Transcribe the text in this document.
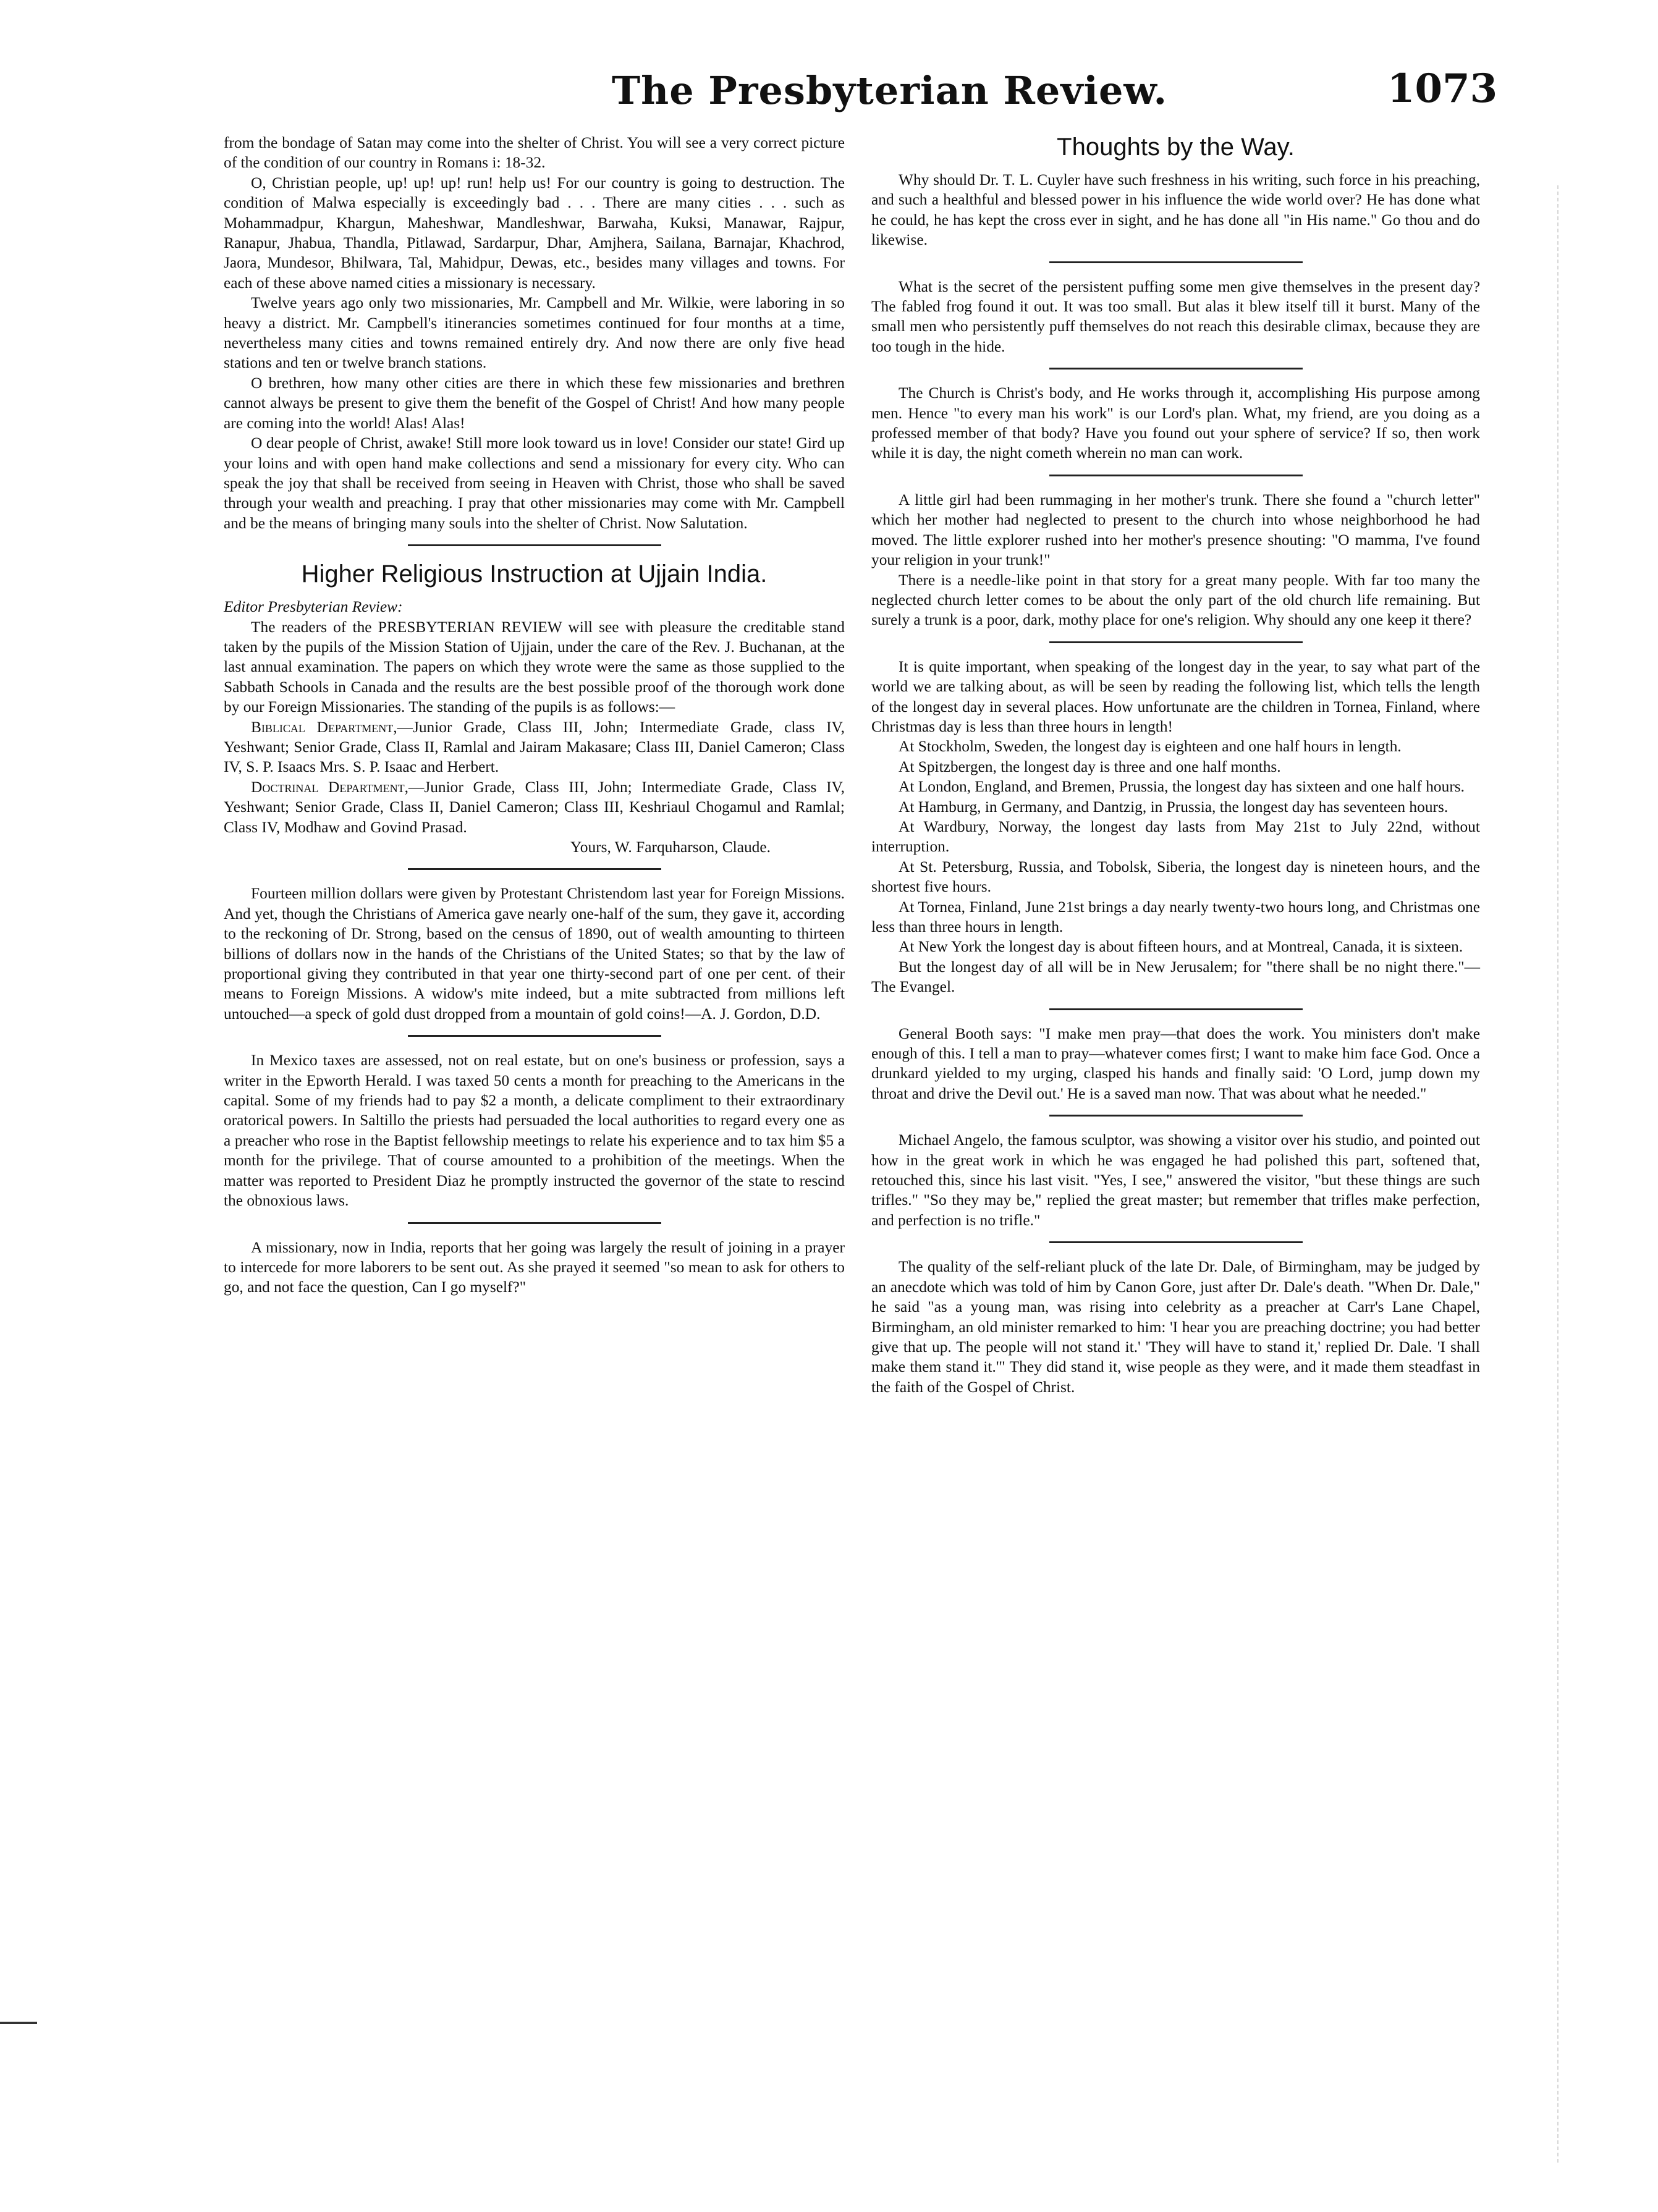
The Presbyterian Review.	1073

from the bondage of Satan may come into the shelter of Christ. You will see a very correct picture of the condition of our country in Romans i: 18-32.

O, Christian people, up! up! up! run! help us! For our country is going to destruction. The condition of Malwa especially is exceedingly bad . . . There are many cities . . . such as Mohammadpur, Khargun, Maheshwar, Mandleshwar, Barwaha, Kuksi, Manawar, Rajpur, Ranapur, Jhabua, Thandla, Pitlawad, Sardarpur, Dhar, Amjhera, Sailana, Barnajar, Khachrod, Jaora, Mundesor, Bhilwara, Tal, Mahidpur, Dewas, etc., besides many villages and towns. For each of these above named cities a missionary is necessary.

Twelve years ago only two missionaries, Mr. Campbell and Mr. Wilkie, were laboring in so heavy a district. Mr. Campbell's itinerancies sometimes continued for four months at a time, nevertheless many cities and towns remained entirely dry. And now there are only five head stations and ten or twelve branch stations.

O brethren, how many other cities are there in which these few missionaries and brethren cannot always be present to give them the benefit of the Gospel of Christ! And how many people are coming into the world! Alas! Alas!

O dear people of Christ, awake! Still more look toward us in love! Consider our state! Gird up your loins and with open hand make collections and send a missionary for every city. Who can speak the joy that shall be received from seeing in Heaven with Christ, those who shall be saved through your wealth and preaching. I pray that other missionaries may come with Mr. Campbell and be the means of bringing many souls into the shelter of Christ. Now Salutation.

Higher Religious Instruction at Ujjain India.

Editor Presbyterian Review:

The readers of the PRESBYTERIAN REVIEW will see with pleasure the creditable stand taken by the pupils of the Mission Station of Ujjain, under the care of the Rev. J. Buchanan, at the last annual examination. The papers on which they wrote were the same as those supplied to the Sabbath Schools in Canada and the results are the best possible proof of the thorough work done by our Foreign Missionaries. The standing of the pupils is as follows:—

Biblical Department,—Junior Grade, Class III, John; Intermediate Grade, class IV, Yeshwant; Senior Grade, Class II, Ramlal and Jairam Makasare; Class III, Daniel Cameron; Class IV, S. P. Isaacs Mrs. S. P. Isaac and Herbert.

Doctrinal Department,—Junior Grade, Class III, John; Intermediate Grade, Class IV, Yeshwant; Senior Grade, Class II, Daniel Cameron; Class III, Keshriaul Chogamul and Ramlal; Class IV, Modhaw and Govind Prasad.

Yours, W. Farquharson, Claude.

Fourteen million dollars were given by Protestant Christendom last year for Foreign Missions. And yet, though the Christians of America gave nearly one-half of the sum, they gave it, according to the reckoning of Dr. Strong, based on the census of 1890, out of wealth amounting to thirteen billions of dollars now in the hands of the Christians of the United States; so that by the law of proportional giving they contributed in that year one thirty-second part of one per cent. of their means to Foreign Missions. A widow's mite indeed, but a mite subtracted from millions left untouched—a speck of gold dust dropped from a mountain of gold coins!—A. J. Gordon, D.D.

In Mexico taxes are assessed, not on real estate, but on one's business or profession, says a writer in the Epworth Herald. I was taxed 50 cents a month for preaching to the Americans in the capital. Some of my friends had to pay $2 a month, a delicate compliment to their extraordinary oratorical powers. In Saltillo the priests had persuaded the local authorities to regard every one as a preacher who rose in the Baptist fellowship meetings to relate his experience and to tax him $5 a month for the privilege. That of course amounted to a prohibition of the meetings. When the matter was reported to President Diaz he promptly instructed the governor of the state to rescind the obnoxious laws.

A missionary, now in India, reports that her going was largely the result of joining in a prayer to intercede for more laborers to be sent out. As she prayed it seemed "so mean to ask for others to go, and not face the question, Can I go myself?"

Thoughts by the Way.

Why should Dr. T. L. Cuyler have such freshness in his writing, such force in his preaching, and such a healthful and blessed power in his influence the wide world over? He has done what he could, he has kept the cross ever in sight, and he has done all "in His name." Go thou and do likewise.

What is the secret of the persistent puffing some men give themselves in the present day? The fabled frog found it out. It was too small. But alas it blew itself till it burst. Many of the small men who persistently puff themselves do not reach this desirable climax, because they are too tough in the hide.

The Church is Christ's body, and He works through it, accomplishing His purpose among men. Hence "to every man his work" is our Lord's plan. What, my friend, are you doing as a professed member of that body? Have you found out your sphere of service? If so, then work while it is day, the night cometh wherein no man can work.

A little girl had been rummaging in her mother's trunk. There she found a "church letter" which her mother had neglected to present to the church into whose neighborhood he had moved. The little explorer rushed into her mother's presence shouting: "O mamma, I've found your religion in your trunk!"

There is a needle-like point in that story for a great many people. With far too many the neglected church letter comes to be about the only part of the old church life remaining. But surely a trunk is a poor, dark, mothy place for one's religion. Why should any one keep it there?

It is quite important, when speaking of the longest day in the year, to say what part of the world we are talking about, as will be seen by reading the following list, which tells the length of the longest day in several places. How unfortunate are the children in Tornea, Finland, where Christmas day is less than three hours in length!

At Stockholm, Sweden, the longest day is eighteen and one half hours in length.

At Spitzbergen, the longest day is three and one half months.

At London, England, and Bremen, Prussia, the longest day has sixteen and one half hours.

At Hamburg, in Germany, and Dantzig, in Prussia, the longest day has seventeen hours.

At Wardbury, Norway, the longest day lasts from May 21st to July 22nd, without interruption.

At St. Petersburg, Russia, and Tobolsk, Siberia, the longest day is nineteen hours, and the shortest five hours.

At Tornea, Finland, June 21st brings a day nearly twenty-two hours long, and Christmas one less than three hours in length.

At New York the longest day is about fifteen hours, and at Montreal, Canada, it is sixteen.

But the longest day of all will be in New Jerusalem; for "there shall be no night there."—The Evangel.

General Booth says: "I make men pray—that does the work. You ministers don't make enough of this. I tell a man to pray—whatever comes first; I want to make him face God. Once a drunkard yielded to my urging, clasped his hands and finally said: 'O Lord, jump down my throat and drive the Devil out.' He is a saved man now. That was about what he needed."

Michael Angelo, the famous sculptor, was showing a visitor over his studio, and pointed out how in the great work in which he was engaged he had polished this part, softened that, retouched this, since his last visit. "Yes, I see," answered the visitor, "but these things are such trifles." "So they may be," replied the great master; but remember that trifles make perfection, and perfection is no trifle."

The quality of the self-reliant pluck of the late Dr. Dale, of Birmingham, may be judged by an anecdote which was told of him by Canon Gore, just after Dr. Dale's death. "When Dr. Dale," he said "as a young man, was rising into celebrity as a preacher at Carr's Lane Chapel, Birmingham, an old minister remarked to him: 'I hear you are preaching doctrine; you had better give that up. The people will not stand it.' 'They will have to stand it,' replied Dr. Dale. 'I shall make them stand it.'" They did stand it, wise people as they were, and it made them steadfast in the faith of the Gospel of Christ.
